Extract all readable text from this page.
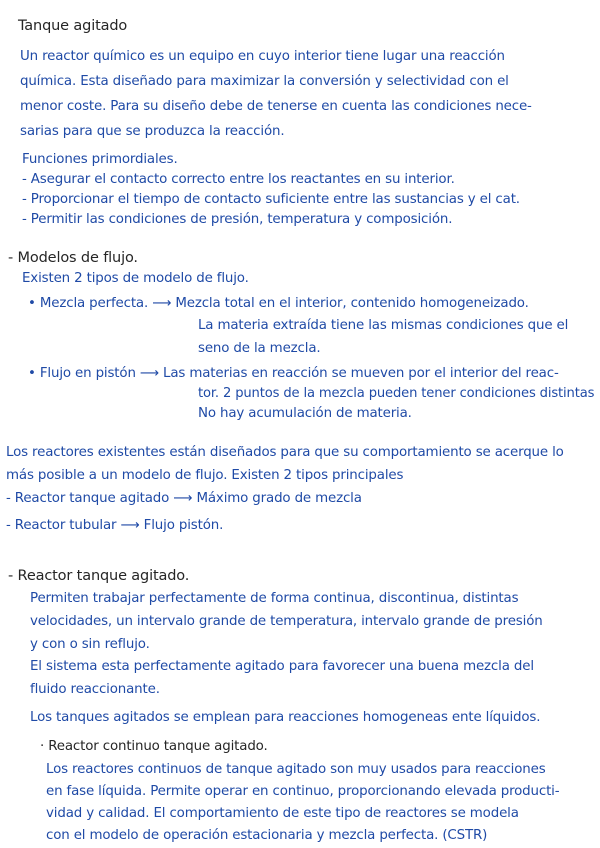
Tanque agitado
Un reactor químico es un equipo en cuyo interior tiene lugar una reacción
química. Esta diseñado para maximizar la conversión y selectividad con el
menor coste. Para su diseño debe de tenerse en cuenta las condiciones nece-
sarias para que se produzca la reacción.
Funciones primordiales.
- Asegurar el contacto correcto entre los reactantes en su interior.
- Proporcionar el tiempo de contacto suficiente entre las sustancias y el cat.
- Permitir las condiciones de presión, temperatura y composición.
- Modelos de flujo.
Existen 2 tipos de modelo de flujo.
• Mezcla perfecta. ⟶ Mezcla total en el interior, contenido homogeneizado.
La materia extraída tiene las mismas condiciones que el
seno de la mezcla.
• Flujo en pistón ⟶ Las materias en reacción se mueven por el interior del reac-
tor. 2 puntos de la mezcla pueden tener condiciones distintas
No hay acumulación de materia.
Los reactores existentes están diseñados para que su comportamiento se acerque lo
más posible a un modelo de flujo. Existen 2 tipos principales
- Reactor tanque agitado ⟶ Máximo grado de mezcla
- Reactor tubular ⟶ Flujo pistón.
- Reactor tanque agitado.
Permiten trabajar perfectamente de forma continua, discontinua, distintas
velocidades, un intervalo grande de temperatura, intervalo grande de presión
y con o sin reflujo.
El sistema esta perfectamente agitado para favorecer una buena mezcla del
fluido reaccionante.
Los tanques agitados se emplean para reacciones homogeneas ente líquidos.
· Reactor continuo tanque agitado.
Los reactores continuos de tanque agitado son muy usados para reacciones
en fase líquida. Permite operar en continuo, proporcionando elevada producti-
vidad y calidad. El comportamiento de este tipo de reactores se modela
con el modelo de operación estacionaria y mezcla perfecta. (CSTR)
